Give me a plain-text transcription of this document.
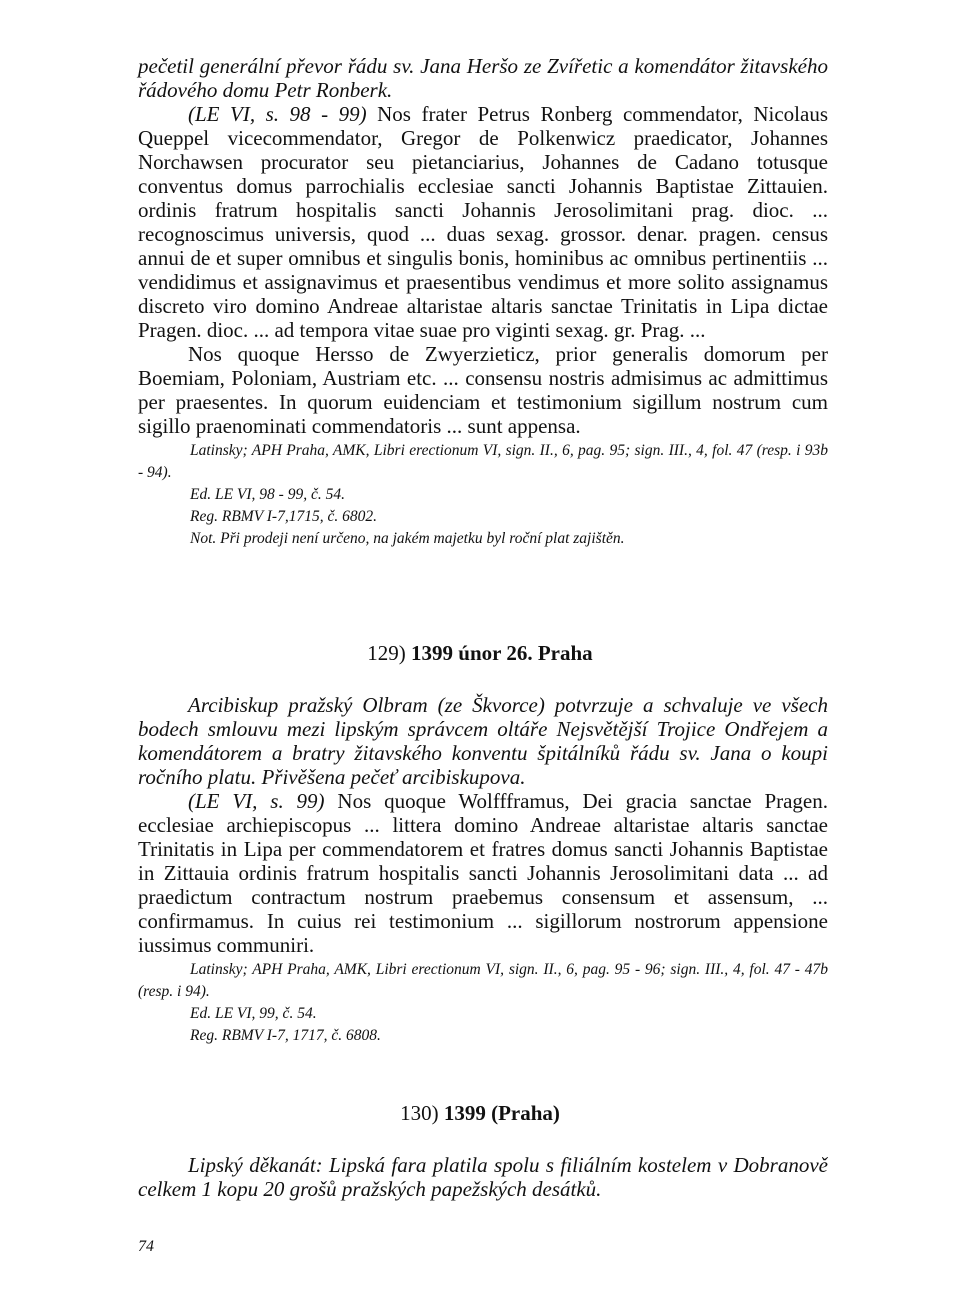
pečetil generální převor řádu sv. Jana Heršo ze Zvířetic a komendátor žitavského řádového domu Petr Ronberk.

(LE VI, s. 98 - 99) Nos frater Petrus Ronberg commendator, Nicolaus Queppel vicecommendator, Gregor de Polkenwicz praedicator, Johannes Norchawsen procurator seu pietanciarius, Johannes de Cadano totusque conventus domus parrochialis ecclesiae sancti Johannis Baptistae Zittauien. ordinis fratrum hospitalis sancti Johannis Jerosolimitani prag. dioc. ... recognoscimus universis, quod ... duas sexag. grossor. denar. pragen. census annui de et super omnibus et singulis bonis, hominibus ac omnibus pertinentiis ... vendidimus et assignavimus et praesentibus vendimus et more solito assignamus discreto viro domino Andreae altaristae altaris sanctae Trinitatis in Lipa dictae Pragen. dioc. ... ad tempora vitae suae pro viginti sexag. gr. Prag. ...

Nos quoque Hersso de Zwyerzieticz, prior generalis domorum per Boemiam, Poloniam, Austriam etc. ... consensu nostris admisimus ac admittimus per praesentes. In quorum euidenciam et testimonium sigillum nostrum cum sigillo praenominati commendatoris ... sunt appensa.

Latinsky; APH Praha, AMK, Libri erectionum VI, sign. II., 6, pag. 95; sign. III., 4, fol. 47 (resp. i 93b - 94).

Ed. LE VI, 98 - 99, č. 54.

Reg. RBMV I-7,1715, č. 6802.

Not. Při prodeji není určeno, na jakém majetku byl roční plat zajištěn.

129) 1399 únor 26. Praha

Arcibiskup pražský Olbram (ze Škvorce) potvrzuje a schvaluje ve všech bodech smlouvu mezi lipským správcem oltáře Nejsvětější Trojice Ondřejem a komendátorem a bratry žitavského konventu špitálníků řádu sv. Jana o koupi ročního platu. Přivěšena pečeť arcibiskupova.

(LE VI, s. 99) Nos quoque Wolffframus, Dei gracia sanctae Pragen. ecclesiae archiepiscopus ... littera domino Andreae altaristae altaris sanctae Trinitatis in Lipa per commendatorem et fratres domus sancti Johannis Baptistae in Zittauia ordinis fratrum hospitalis sancti Johannis Jerosolimitani data ... ad praedictum contractum nostrum praebemus consensum et assensum, ... confirmamus. In cuius rei testimonium ... sigillorum nostrorum appensione iussimus communiri.

Latinsky; APH Praha, AMK, Libri erectionum VI, sign. II., 6, pag. 95 - 96; sign. III., 4, fol. 47 - 47b (resp. i 94).

Ed. LE VI, 99, č. 54.

Reg. RBMV I-7, 1717, č. 6808.

130) 1399 (Praha)

Lipský děkanát: Lipská fara platila spolu s filiálním kostelem v Dobranově celkem 1 kopu 20 grošů pražských papežských desátků.

74
